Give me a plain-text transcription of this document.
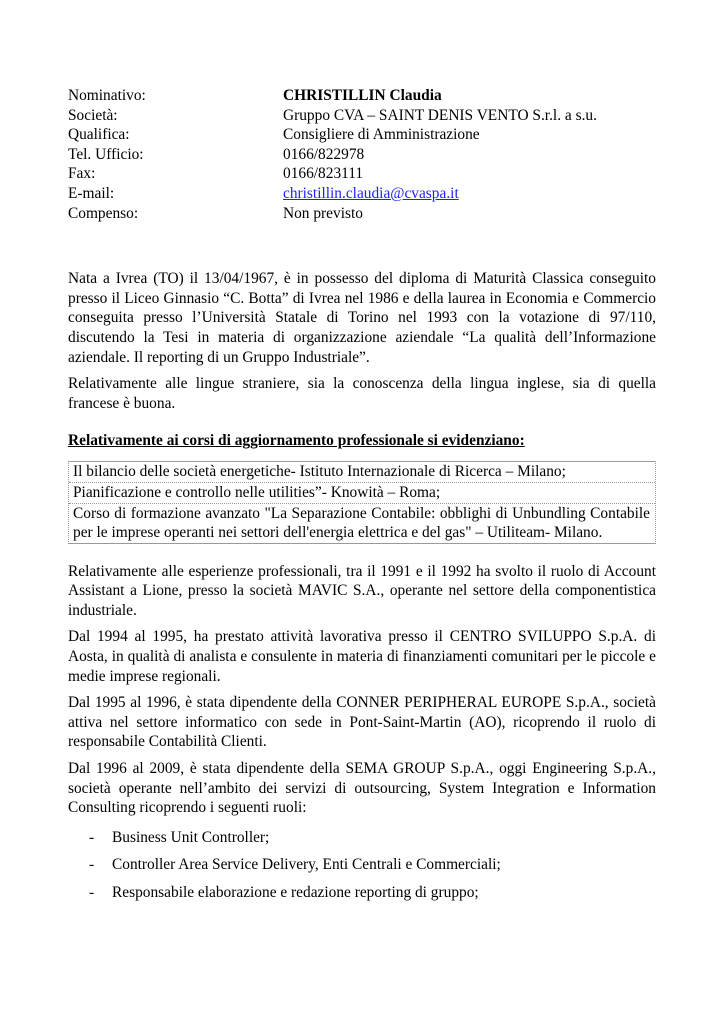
Nominativo:	CHRISTILLIN Claudia
Società:	Gruppo CVA – SAINT DENIS VENTO S.r.l. a s.u.
Qualifica:	Consigliere di Amministrazione
Tel. Ufficio:	0166/822978
Fax:	0166/823111
E-mail:	christillin.claudia@cvaspa.it
Compenso:	Non previsto

Nata a Ivrea (TO) il 13/04/1967, è in possesso del diploma di Maturità Classica conseguito presso il Liceo Ginnasio “C. Botta” di Ivrea nel 1986 e della laurea in Economia e Commercio conseguita presso l’Università Statale di Torino nel 1993 con la votazione di 97/110, discutendo la Tesi in materia di organizzazione aziendale “La qualità dell’Informazione aziendale. Il reporting di un Gruppo Industriale”.

Relativamente alle lingue straniere, sia la conoscenza della lingua inglese, sia di quella francese è buona.

Relativamente ai corsi di aggiornamento professionale si evidenziano:

Il bilancio delle società energetiche- Istituto Internazionale di Ricerca – Milano;
Pianificazione e controllo nelle utilities”- Knowità – Roma;
Corso di formazione avanzato "La Separazione Contabile: obblighi di Unbundling Contabile per le imprese operanti nei settori dell'energia elettrica e del gas" – Utiliteam- Milano.

Relativamente alle esperienze professionali, tra il 1991 e il 1992 ha svolto il ruolo di Account Assistant a Lione, presso la società MAVIC S.A., operante nel settore della componentistica industriale.

Dal 1994 al 1995, ha prestato attività lavorativa presso il CENTRO SVILUPPO S.p.A. di Aosta, in qualità di analista e consulente in materia di finanziamenti comunitari per le piccole e medie imprese regionali.

Dal 1995 al 1996, è stata dipendente della CONNER PERIPHERAL EUROPE S.p.A., società attiva nel settore informatico con sede in Pont-Saint-Martin (AO), ricoprendo il ruolo di responsabile Contabilità Clienti.

Dal 1996 al 2009, è stata dipendente della SEMA GROUP S.p.A., oggi Engineering S.p.A., società operante nell’ambito dei servizi di outsourcing, System Integration e Information Consulting ricoprendo i seguenti ruoli:

- Business Unit Controller;
- Controller Area Service Delivery, Enti Centrali e Commerciali;
- Responsabile elaborazione e redazione reporting di gruppo;
